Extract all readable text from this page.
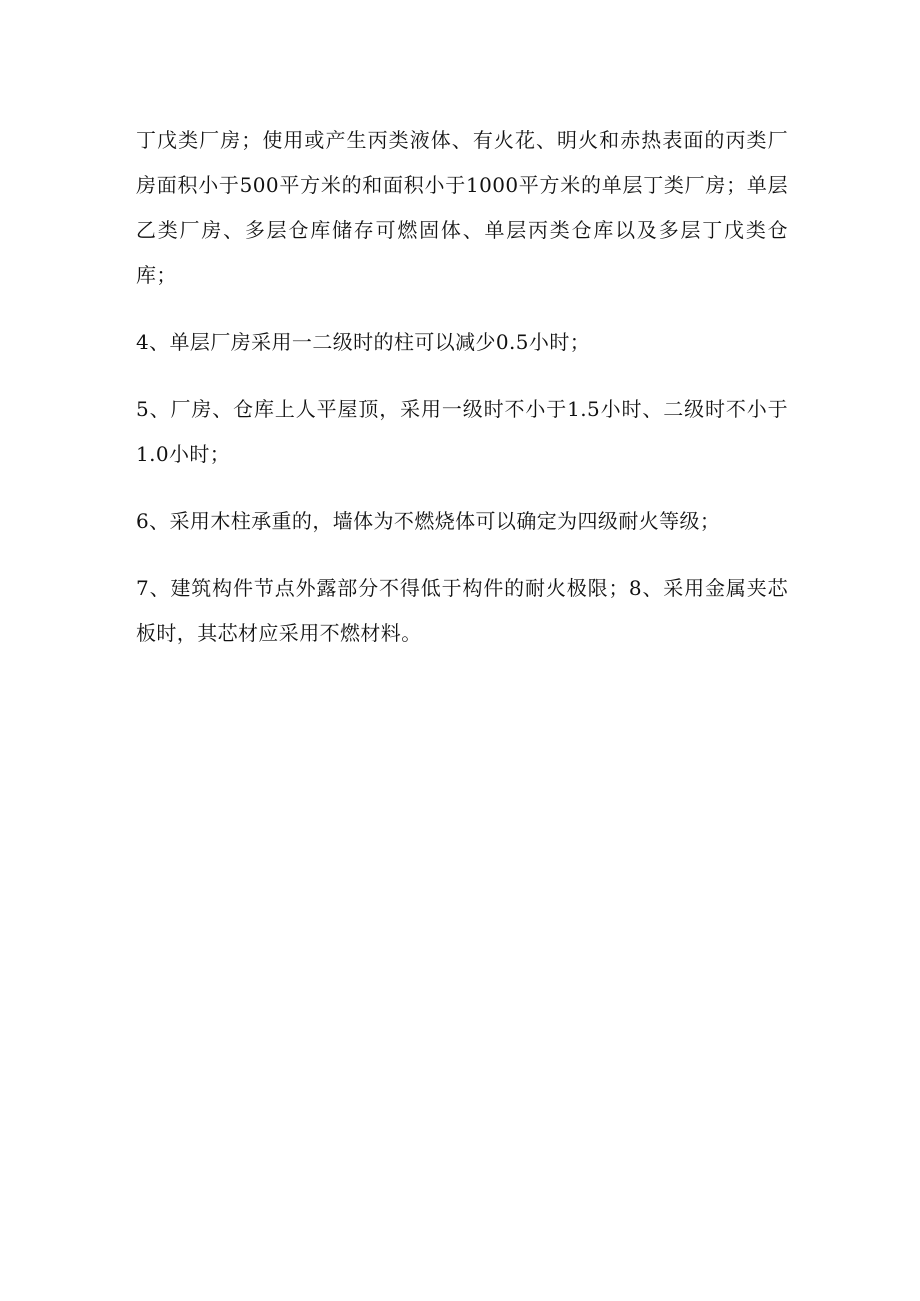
丁戊类厂房；使用或产生丙类液体、有火花、明火和赤热表面的丙类厂房面积小于500平方米的和面积小于1000平方米的单层丁类厂房；单层乙类厂房、多层仓库储存可燃固体、单层丙类仓库以及多层丁戊类仓库；

4、单层厂房采用一二级时的柱可以减少0.5小时；

5、厂房、仓库上人平屋顶，采用一级时不小于1.5小时、二级时不小于1.0小时；

6、采用木柱承重的，墙体为不燃烧体可以确定为四级耐火等级；

7、建筑构件节点外露部分不得低于构件的耐火极限；8、采用金属夹芯板时，其芯材应采用不燃材料。
